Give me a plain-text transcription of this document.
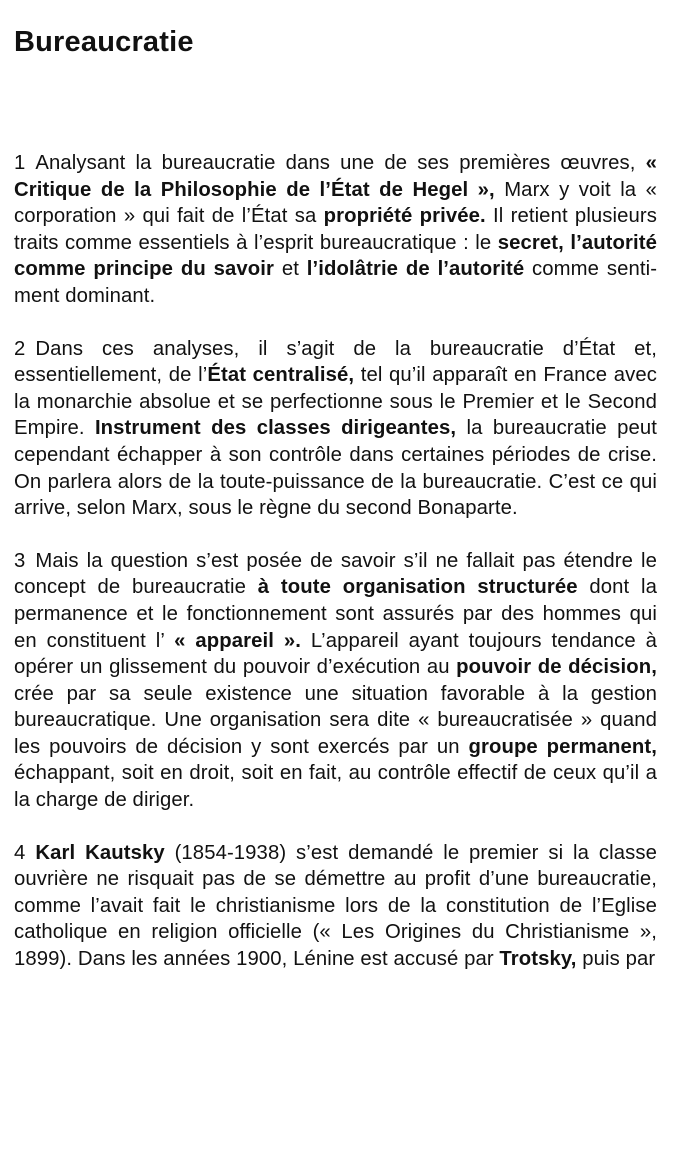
Bureaucratie

1 Analysant la bureaucratie dans une de ses premières œuvres, « Critique de la Philosophie de l’État de Hegel », Marx y voit la « corporation » qui fait de l’État sa propriété privée. Il retient plusieurs traits comme essentiels à l’esprit bureaucratique : le secret, l’autorité comme principe du savoir et l’idolâtrie de l’autorité comme sentiment dominant.

2 Dans ces analyses, il s’agit de la bureaucratie d’État et, essentiellement, de l’État centralisé, tel qu’il apparaît en France avec la monarchie absolue et se perfectionne sous le Premier et le Second Empire. Instrument des classes dirigeantes, la bureaucratie peut cependant échapper à son contrôle dans certaines périodes de crise. On parlera alors de la toute-puissance de la bureaucratie. C’est ce qui arrive, selon Marx, sous le règne du second Bonaparte.

3 Mais la question s’est posée de savoir s’il ne fallait pas étendre le concept de bureaucratie à toute organisation structurée dont la permanence et le fonctionnement sont assurés par des hommes qui en constituent l’ « appareil ». L’appareil ayant toujours tendance à opérer un glissement du pouvoir d’exécution au pouvoir de décision, crée par sa seule existence une situation favorable à la gestion bureaucratique. Une organisation sera dite « bureaucratisée » quand les pouvoirs de décision y sont exercés par un groupe permanent, échappant, soit en droit, soit en fait, au contrôle effectif de ceux qu’il a la charge de diriger.

4 Karl Kautsky (1854-1938) s’est demandé le premier si la classe ouvrière ne risquait pas de se démettre au profit d’une bureaucratie, comme l’avait fait le christianisme lors de la constitution de l’Eglise catholique en religion officielle (« Les Origines du Christianisme », 1899). Dans les années 1900, Lénine est accusé par Trotsky, puis par
